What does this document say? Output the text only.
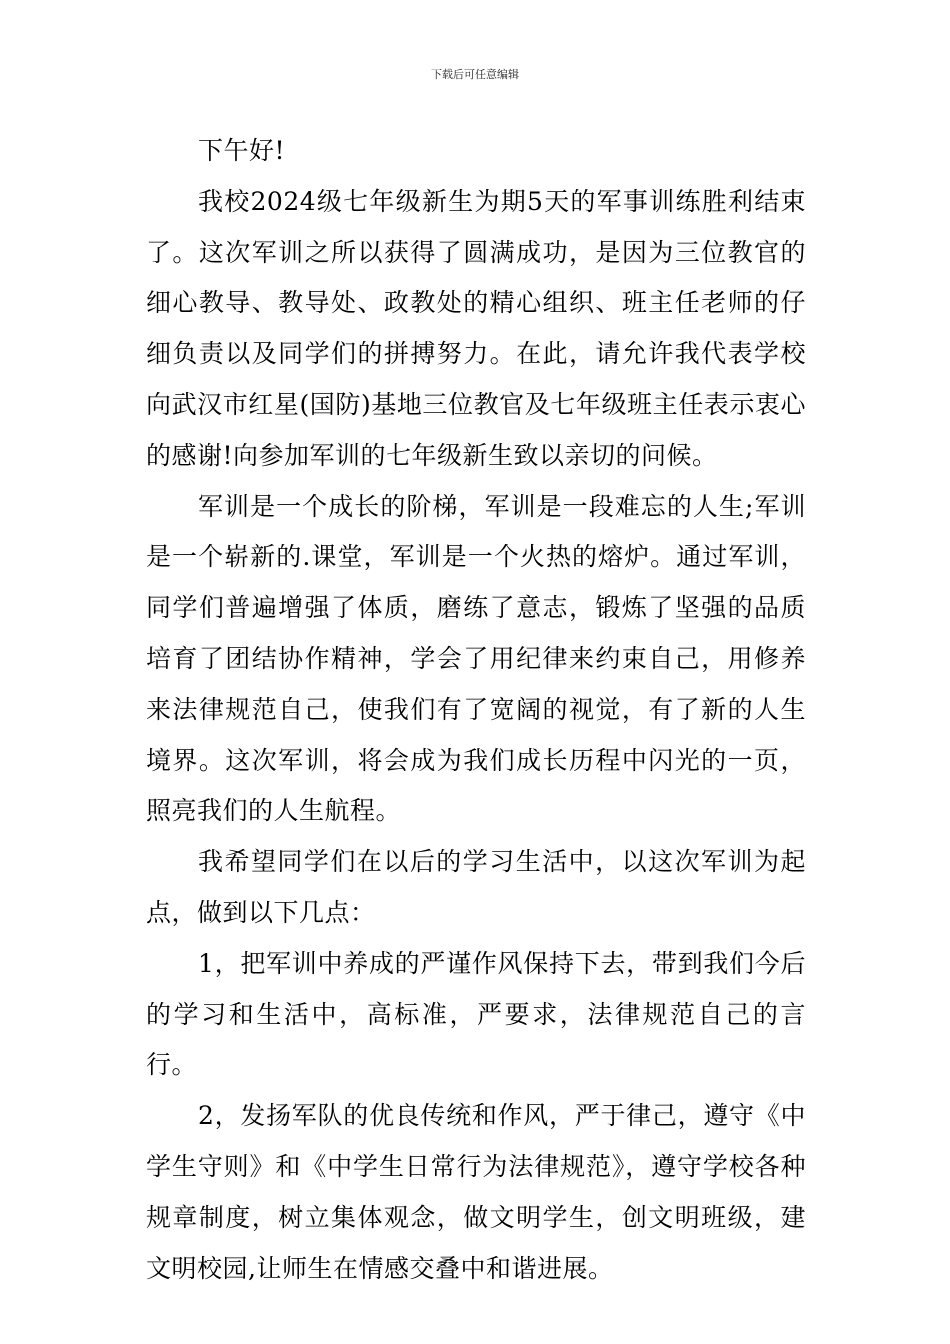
下载后可任意编辑

下午好!

我校2024级七年级新生为期5天的军事训练胜利结束了。这次军训之所以获得了圆满成功，是因为三位教官的细心教导、教导处、政教处的精心组织、班主任老师的仔细负责以及同学们的拼搏努力。在此，请允许我代表学校向武汉市红星(国防)基地三位教官及七年级班主任表示衷心的感谢!向参加军训的七年级新生致以亲切的问候。

军训是一个成长的阶梯，军训是一段难忘的人生;军训是一个崭新的.课堂，军训是一个火热的熔炉。通过军训，同学们普遍增强了体质，磨练了意志，锻炼了坚强的品质培育了团结协作精神，学会了用纪律来约束自己，用修养来法律规范自己，使我们有了宽阔的视觉，有了新的人生境界。这次军训，将会成为我们成长历程中闪光的一页，照亮我们的人生航程。

我希望同学们在以后的学习生活中，以这次军训为起点，做到以下几点：

1，把军训中养成的严谨作风保持下去，带到我们今后的学习和生活中，高标准，严要求，法律规范自己的言行。

2，发扬军队的优良传统和作风，严于律己，遵守《中学生守则》和《中学生日常行为法律规范》，遵守学校各种规章制度，树立集体观念，做文明学生，创文明班级，建文明校园,让师生在情感交叠中和谐进展。
